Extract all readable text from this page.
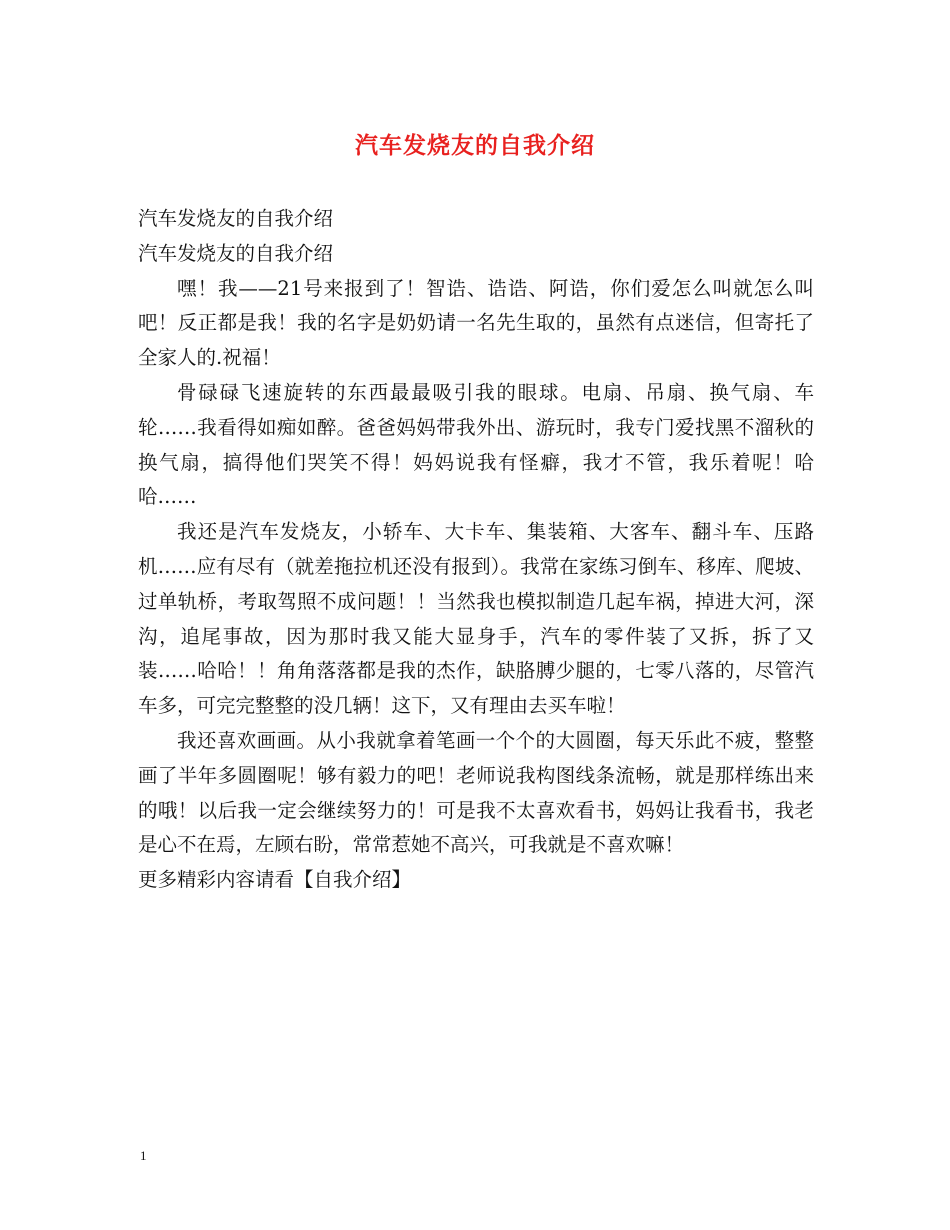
汽车发烧友的自我介绍

汽车发烧友的自我介绍

汽车发烧友的自我介绍

嘿！我——21号来报到了！智诰、诰诰、阿诰，你们爱怎么叫就怎么叫吧！反正都是我！我的名字是奶奶请一名先生取的，虽然有点迷信，但寄托了全家人的.祝福！

骨碌碌飞速旋转的东西最最吸引我的眼球。电扇、吊扇、换气扇、车轮……我看得如痴如醉。爸爸妈妈带我外出、游玩时，我专门爱找黑不溜秋的换气扇，搞得他们哭笑不得！妈妈说我有怪癖，我才不管，我乐着呢！哈哈……

我还是汽车发烧友，小轿车、大卡车、集装箱、大客车、翻斗车、压路机……应有尽有（就差拖拉机还没有报到）。我常在家练习倒车、移库、爬坡、过单轨桥，考取驾照不成问题！！当然我也模拟制造几起车祸，掉进大河，深沟，追尾事故，因为那时我又能大显身手，汽车的零件装了又拆，拆了又装……哈哈！！角角落落都是我的杰作，缺胳膊少腿的，七零八落的，尽管汽车多，可完完整整的没几辆！这下，又有理由去买车啦！

我还喜欢画画。从小我就拿着笔画一个个的大圆圈，每天乐此不疲，整整画了半年多圆圈呢！够有毅力的吧！老师说我构图线条流畅，就是那样练出来的哦！以后我一定会继续努力的！可是我不太喜欢看书，妈妈让我看书，我老是心不在焉，左顾右盼，常常惹她不高兴，可我就是不喜欢嘛！

更多精彩内容请看【自我介绍】

1
